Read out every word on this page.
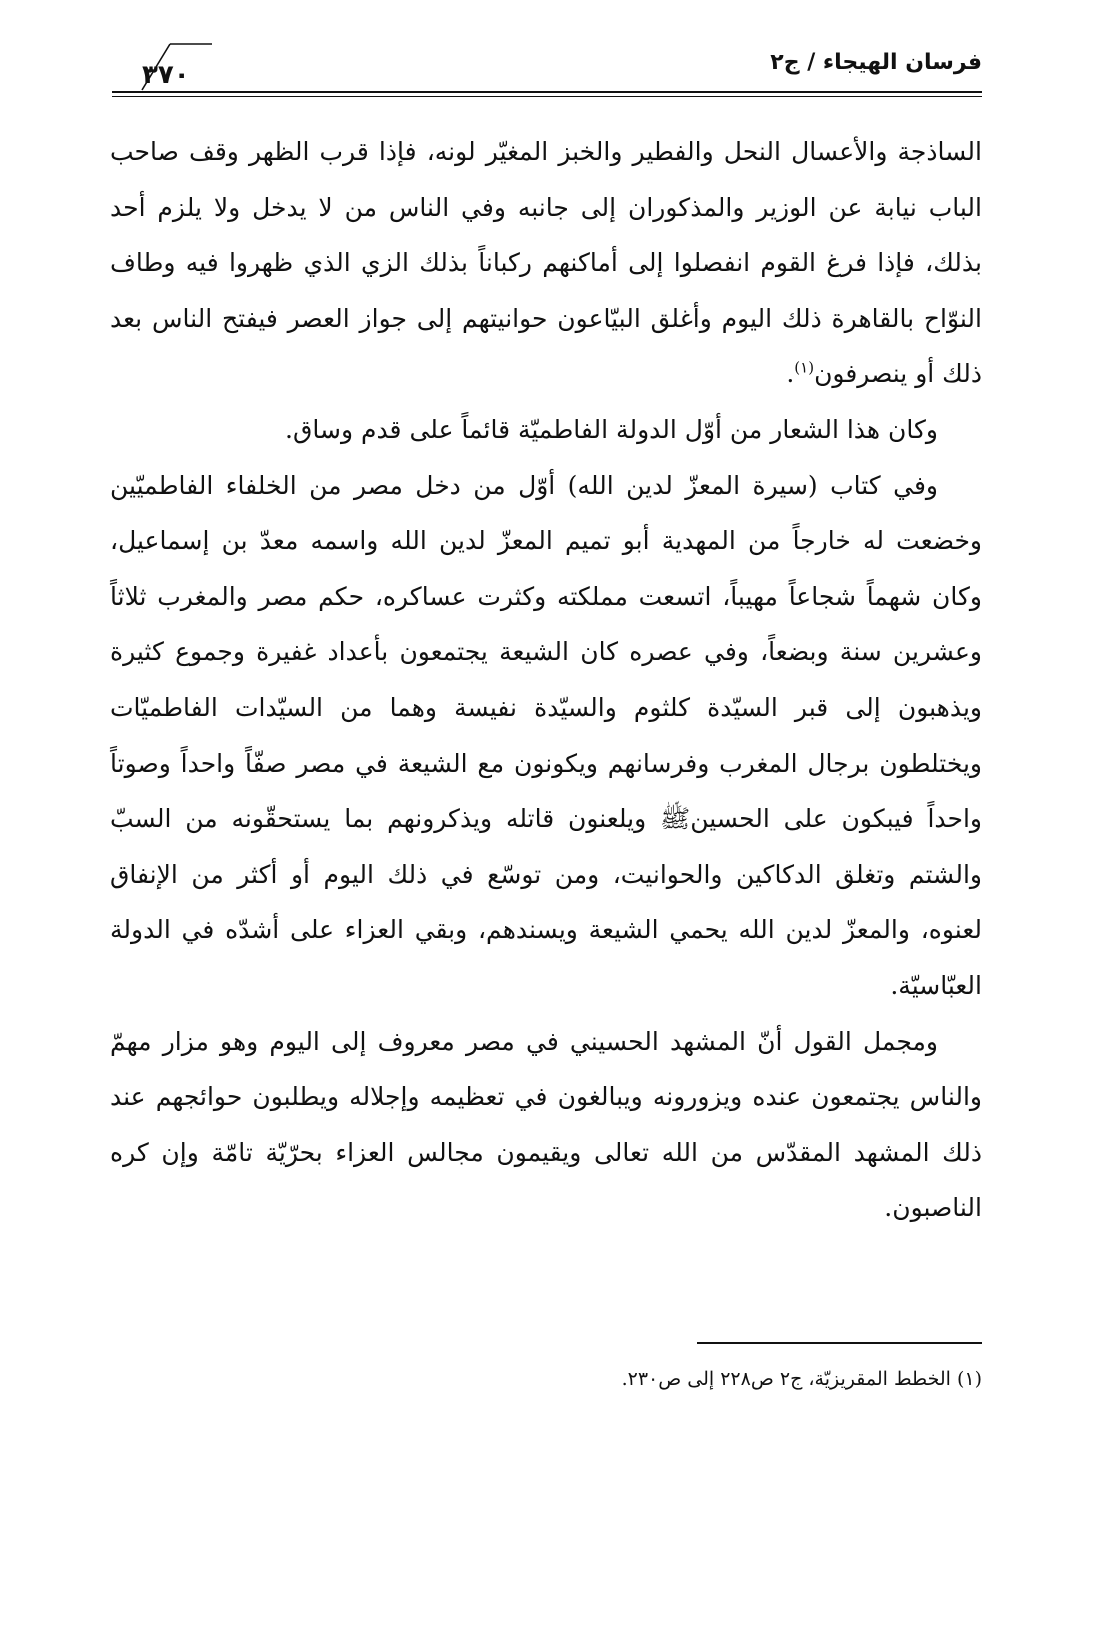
فرسان الهيجاء / ج٢
٣٧٠

الساذجة والأعسال النحل والفطير والخبز المغيّر لونه، فإذا قرب الظهر وقف صاحب الباب نيابة عن الوزير والمذكوران إلى جانبه وفي الناس من لا يدخل ولا يلزم أحد بذلك، فإذا فرغ القوم انفصلوا إلى أماكنهم ركباناً بذلك الزي الذي ظهروا فيه وطاف النوّاح بالقاهرة ذلك اليوم وأغلق البيّاعون حوانيتهم إلى جواز العصر فيفتح الناس بعد ذلك أو ينصرفون$^{(١)}$.

وكان هذا الشعار من أوّل الدولة الفاطميّة قائماً على قدم وساق.

وفي كتاب (سيرة المعزّ لدين الله) أوّل من دخل مصر من الخلفاء الفاطميّين وخضعت له خارجاً من المهدية أبو تميم المعزّ لدين الله واسمه معدّ بن إسماعيل، وكان شهماً شجاعاً مهيباً، اتسعت مملكته وكثرت عساكره، حكم مصر والمغرب ثلاثاً وعشرين سنة وبضعاً، وفي عصره كان الشيعة يجتمعون بأعداد غفيرة وجموع كثيرة ويذهبون إلى قبر السيّدة كلثوم والسيّدة نفيسة وهما من السيّدات الفاطميّات ويختلطون برجال المغرب وفرسانهم ويكونون مع الشيعة في مصر صفّاً واحداً وصوتاً واحداً فيبكون على الحسينﷺ ويلعنون قاتله ويذكرونهم بما يستحقّونه من السبّ والشتم وتغلق الدكاكين والحوانيت، ومن توسّع في ذلك اليوم أو أكثر من الإنفاق لعنوه، والمعزّ لدين الله يحمي الشيعة ويسندهم، وبقي العزاء على أشدّه في الدولة العبّاسيّة.

ومجمل القول أنّ المشهد الحسيني في مصر معروف إلى اليوم وهو مزار مهمّ والناس يجتمعون عنده ويزورونه ويبالغون في تعظيمه وإجلاله ويطلبون حوائجهم عند ذلك المشهد المقدّس من الله تعالى ويقيمون مجالس العزاء بحرّيّة تامّة وإن كره الناصبون.

(١) الخطط المقريزيّة، ج٢ ص٢٢٨ إلى ص٢٣٠.
